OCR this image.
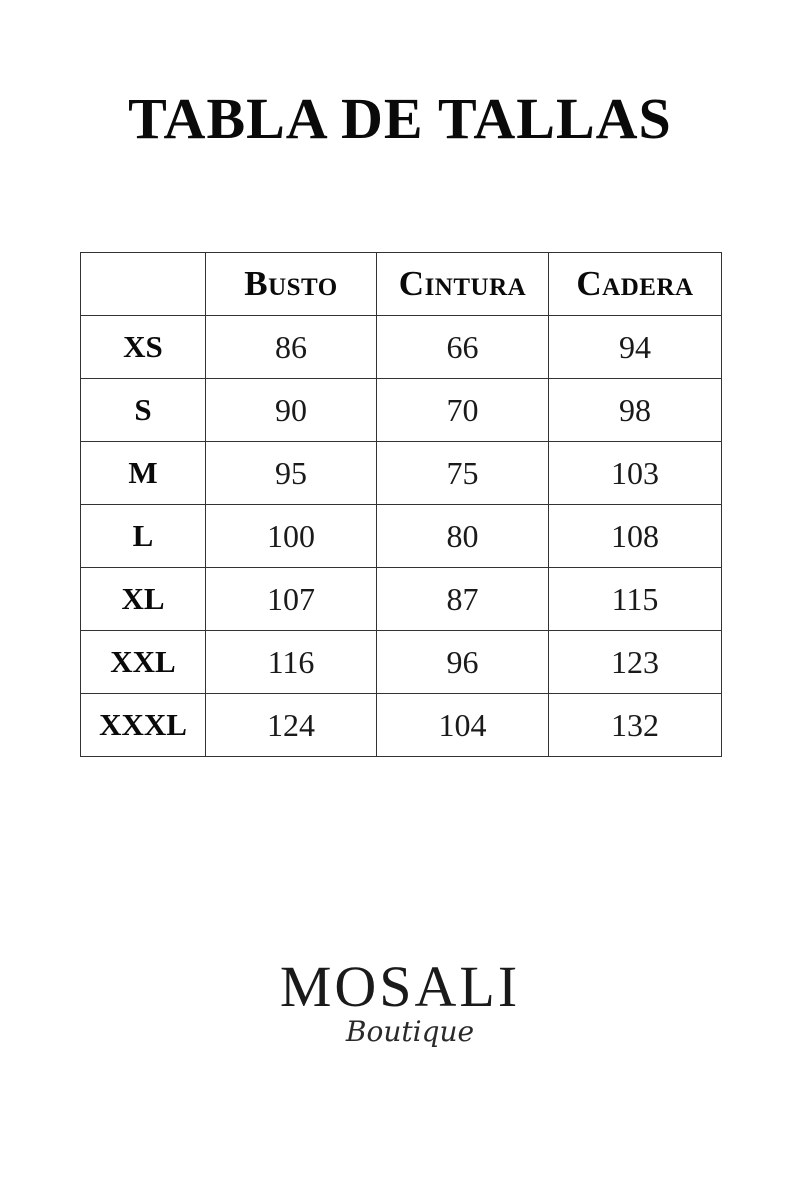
TABLA DE TALLAS
	Busto	Cintura	Cadera
XS	86	66	94
S	90	70	98
M	95	75	103
L	100	80	108
XL	107	87	115
XXL	116	96	123
XXXL	124	104	132
MOSALI
Boutique
